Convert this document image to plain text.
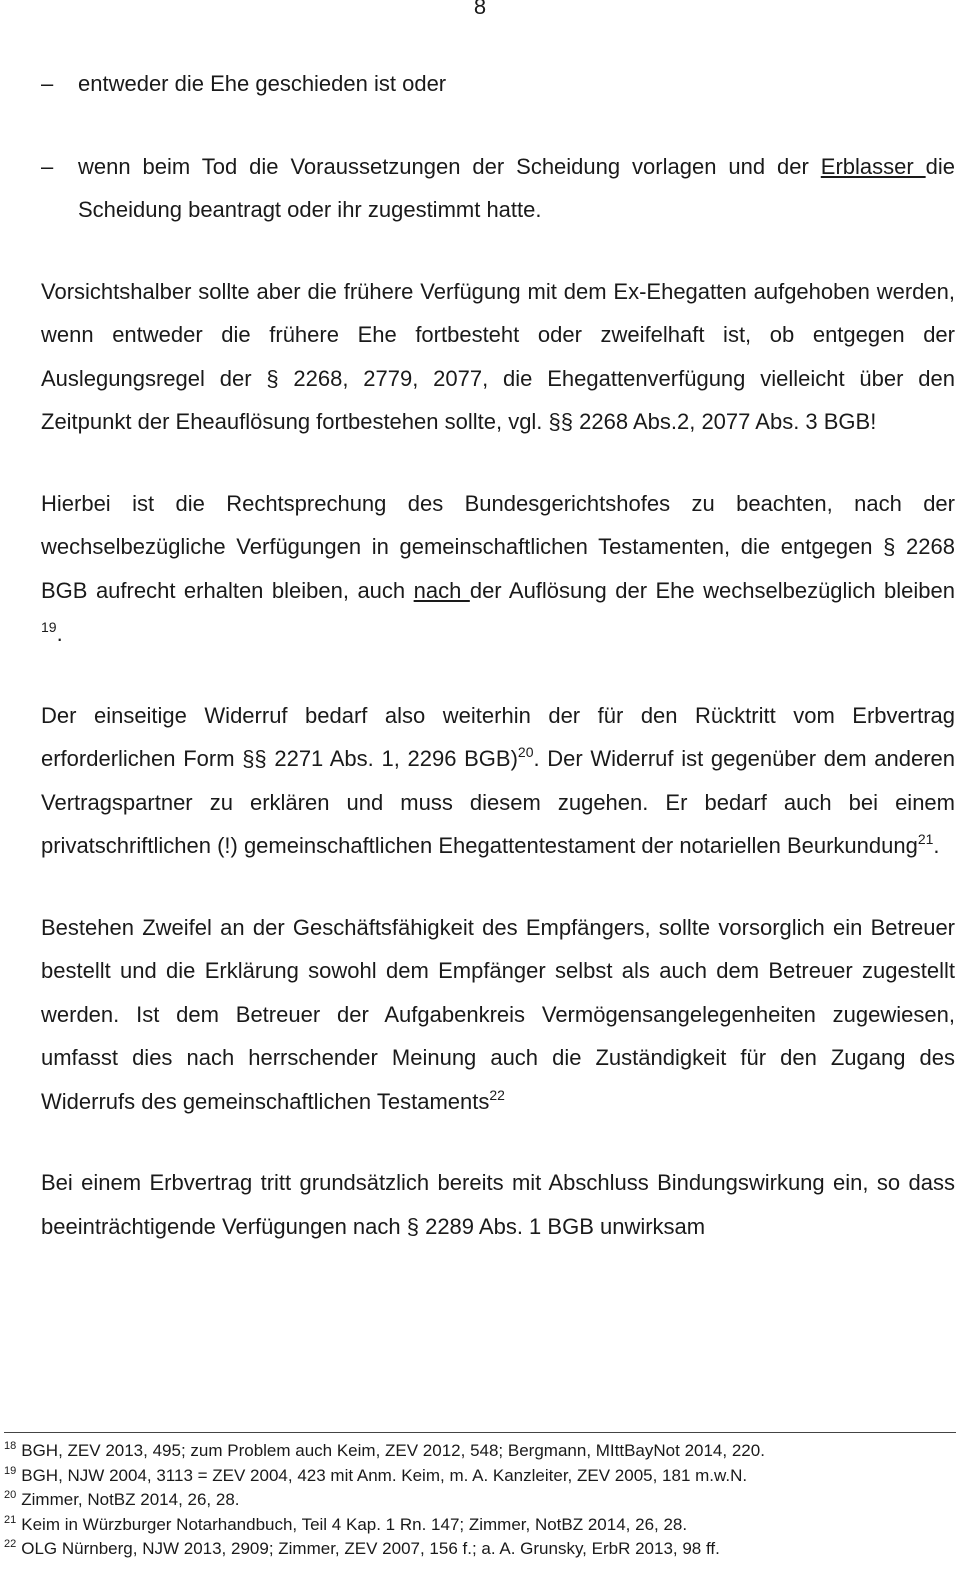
8
– entweder die Ehe geschieden ist oder
– wenn beim Tod die Voraussetzungen der Scheidung vorlagen und der Erblasser die Scheidung beantragt oder ihr zugestimmt hatte.

Vorsichtshalber sollte aber die frühere Verfügung mit dem Ex-Ehegatten aufgehoben werden, wenn entweder die frühere Ehe fortbesteht oder zweifelhaft ist, ob entgegen der Auslegungsregel der § 2268, 2779, 2077, die Ehegattenverfügung vielleicht über den Zeitpunkt der Eheauflösung fortbestehen sollte, vgl. §§ 2268 Abs.2, 2077 Abs. 3 BGB!

Hierbei ist die Rechtsprechung des Bundesgerichtshofes zu beachten, nach der wechselbezügliche Verfügungen in gemeinschaftlichen Testamenten, die entgegen § 2268 BGB aufrecht erhalten bleiben, auch nach der Auflösung der Ehe wechselbezüglich bleiben $^{19}$.

Der einseitige Widerruf bedarf also weiterhin der für den Rücktritt vom Erbvertrag erforderlichen Form §§ 2271 Abs. 1, 2296 BGB)$^{20}$. Der Widerruf ist gegenüber dem anderen Vertragspartner zu erklären und muss diesem zugehen. Er bedarf auch bei einem privatschriftlichen (!) gemeinschaftlichen Ehegattentestament der notariellen Beurkundung$^{21}$.

Bestehen Zweifel an der Geschäftsfähigkeit des Empfängers, sollte vorsorglich ein Betreuer bestellt und die Erklärung sowohl dem Empfänger selbst als auch dem Betreuer zugestellt werden. Ist dem Betreuer der Aufgabenkreis Vermögensangelegenheiten zugewiesen, umfasst dies nach herrschender Meinung auch die Zuständigkeit für den Zugang des Widerrufs des gemeinschaftlichen Testaments$^{22}$

Bei einem Erbvertrag tritt grundsätzlich bereits mit Abschluss Bindungswirkung ein, so dass beeinträchtigende Verfügungen nach § 2289 Abs. 1 BGB unwirksam

$^{18}$ BGH, ZEV 2013, 495; zum Problem auch Keim, ZEV 2012, 548; Bergmann, MIttBayNot 2014, 220.
$^{19}$ BGH, NJW 2004, 3113 = ZEV 2004, 423 mit Anm. Keim, m. A. Kanzleiter, ZEV 2005, 181 m.w.N.
$^{20}$ Zimmer, NotBZ 2014, 26, 28.
$^{21}$ Keim in Würzburger Notarhandbuch, Teil 4 Kap. 1 Rn. 147; Zimmer, NotBZ 2014, 26, 28.
$^{22}$ OLG Nürnberg, NJW 2013, 2909; Zimmer, ZEV 2007, 156 f.; a. A. Grunsky, ErbR 2013, 98 ff.
